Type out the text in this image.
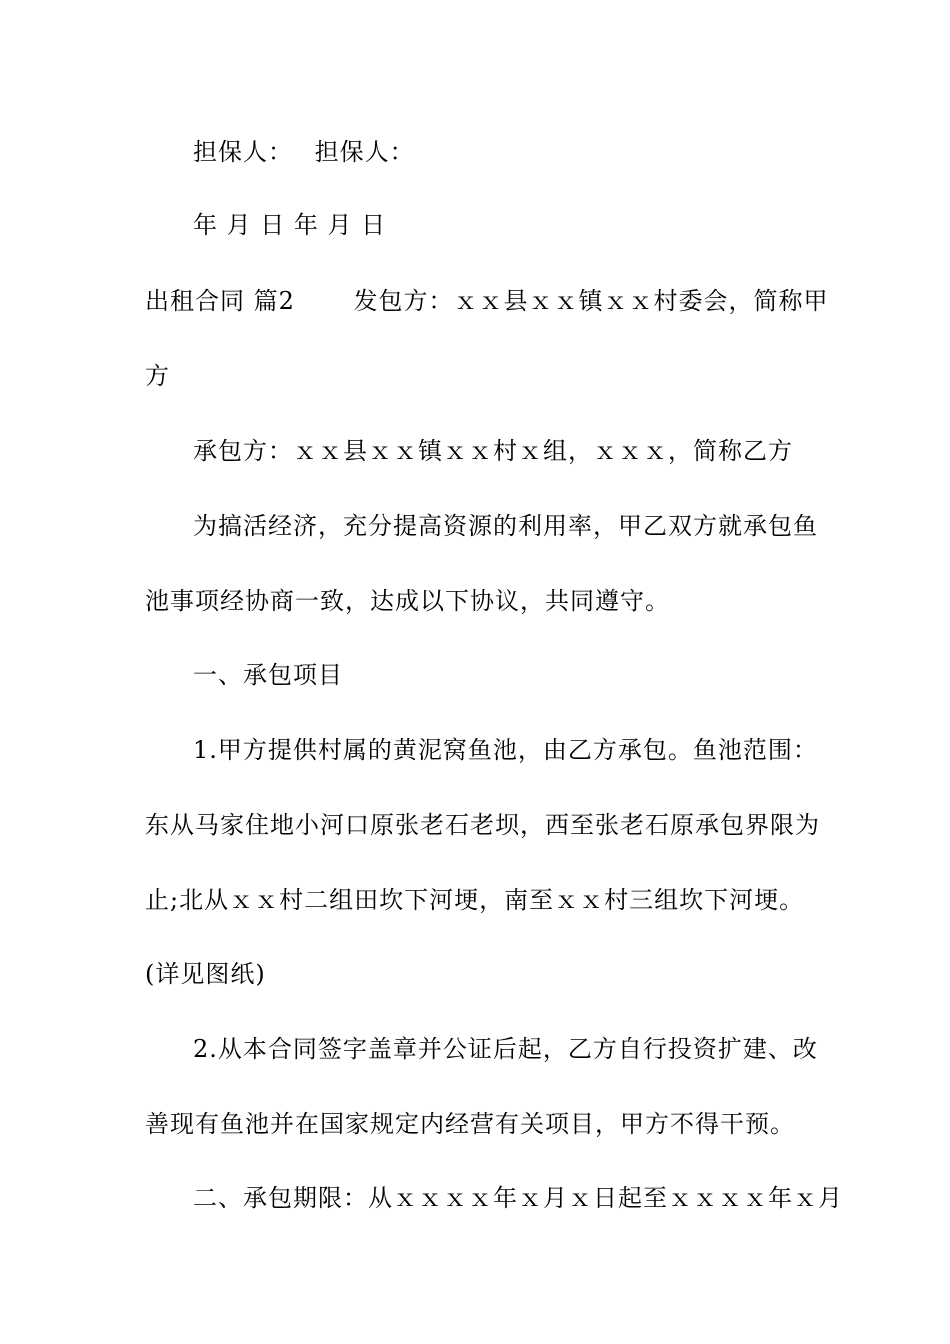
担保人：　 担保人：
年 月 日 年 月 日
出租合同 篇2 　　发包方：ｘｘ县ｘｘ镇ｘｘ村委会，简称甲
方
承包方：ｘｘ县ｘｘ镇ｘｘ村ｘ组，ｘｘｘ，简称乙方
为搞活经济，充分提高资源的利用率，甲乙双方就承包鱼
池事项经协商一致，达成以下协议，共同遵守。
一、承包项目
1.甲方提供村属的黄泥窝鱼池，由乙方承包。鱼池范围：
东从马家住地小河口原张老石老坝，西至张老石原承包界限为
止;北从ｘｘ村二组田坎下河埂，南至ｘｘ村三组坎下河埂。
(详见图纸)
2.从本合同签字盖章并公证后起，乙方自行投资扩建、改
善现有鱼池并在国家规定内经营有关项目，甲方不得干预。
二、承包期限：从ｘｘｘｘ年ｘ月ｘ日起至ｘｘｘｘ年ｘ月
